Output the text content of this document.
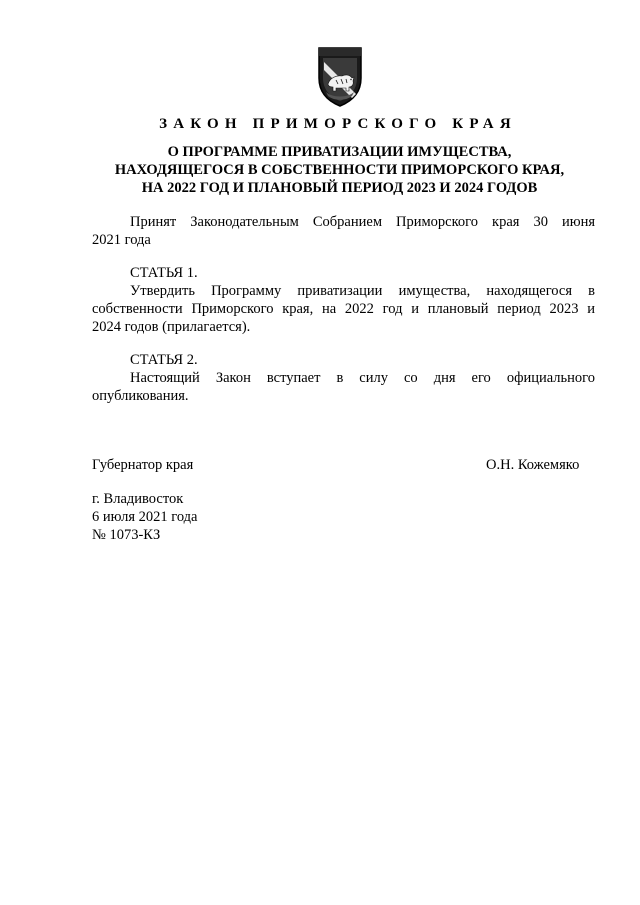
ЗАКОН ПРИМОРСКОГО КРАЯ
О ПРОГРАММЕ ПРИВАТИЗАЦИИ ИМУЩЕСТВА,
НАХОДЯЩЕГОСЯ В СОБСТВЕННОСТИ ПРИМОРСКОГО КРАЯ,
НА 2022 ГОД И ПЛАНОВЫЙ ПЕРИОД 2023 И 2024 ГОДОВ
Принят Законодательным Собранием Приморского края 30 июня
2021 года
СТАТЬЯ 1.
Утвердить Программу приватизации имущества, находящегося в
собственности Приморского края, на 2022 год и плановый период 2023 и
2024 годов (прилагается).
СТАТЬЯ 2.
Настоящий Закон вступает в силу со дня его официального
опубликования.
Губернатор края	О.Н. Кожемяко
г. Владивосток
6 июля 2021 года
№ 1073-КЗ
